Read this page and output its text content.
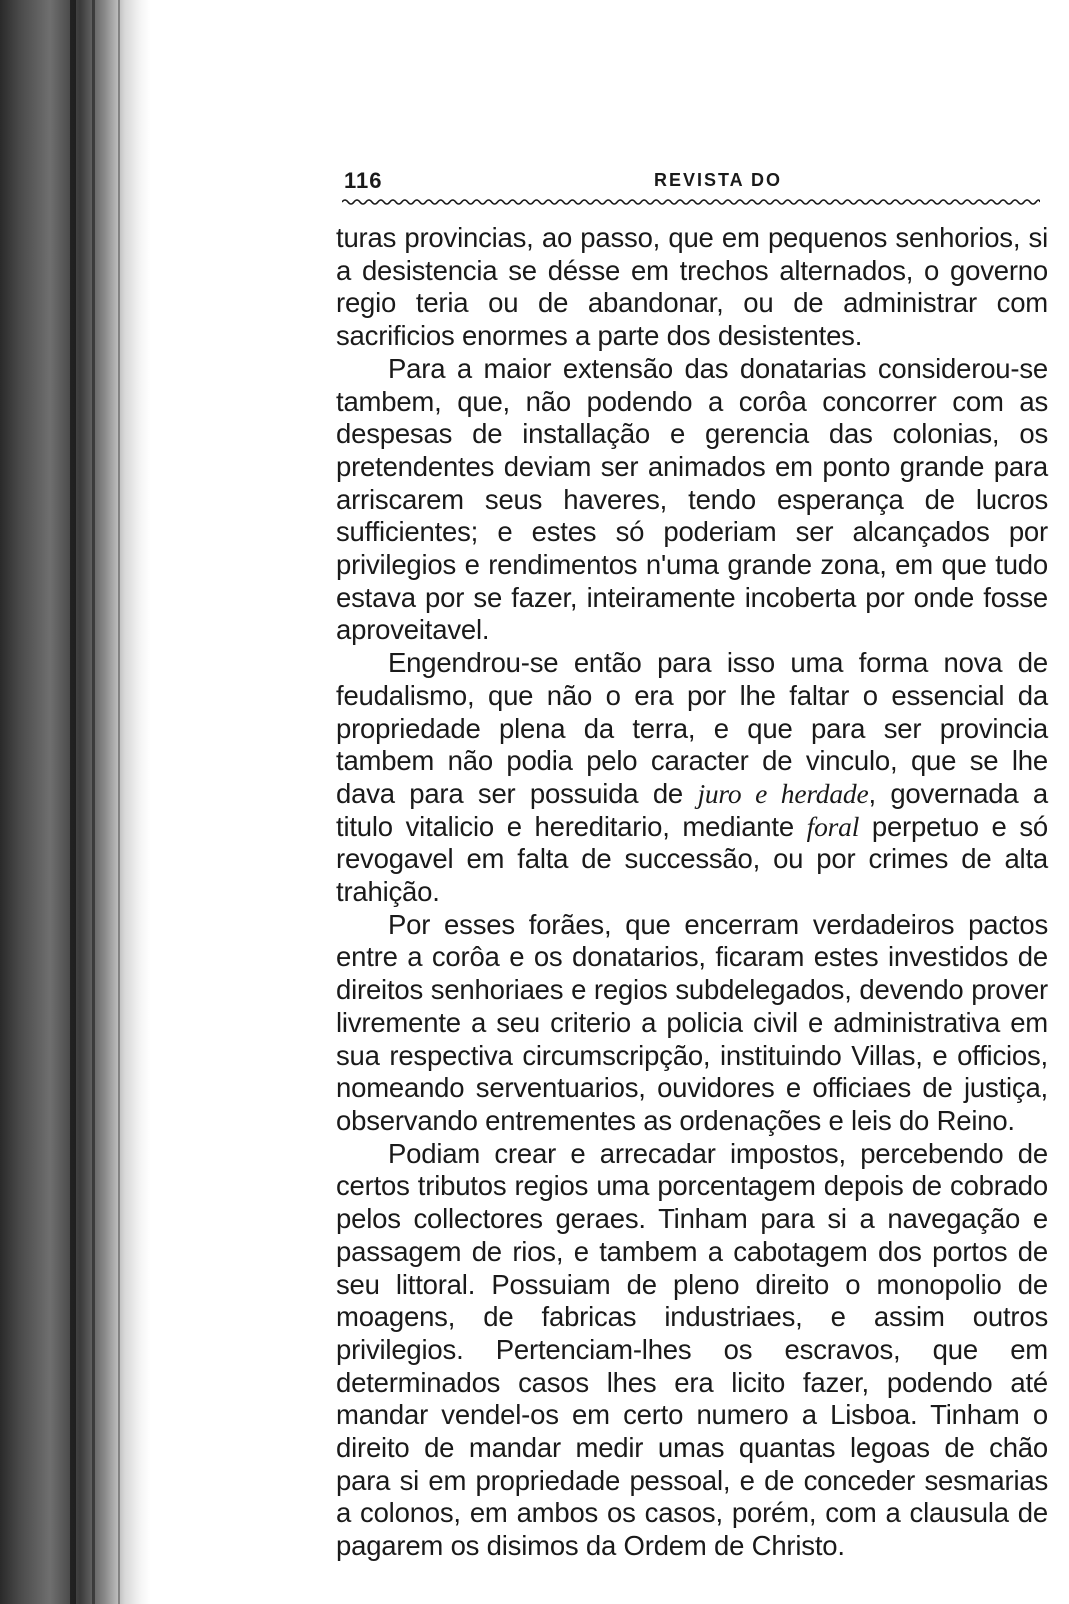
116	REVISTA DO

turas provincias, ao passo, que em pequenos senhorios, si a desistencia se désse em trechos alternados, o governo regio teria ou de abandonar, ou de administrar com sacrificios enormes a parte dos desistentes.

Para a maior extensão das donatarias considerou-se tambem, que, não podendo a corôa concorrer com as despesas de installação e gerencia das colonias, os pretendentes deviam ser animados em ponto grande para arriscarem seus haveres, tendo esperança de lucros sufficientes; e estes só poderiam ser alcançados por privilegios e rendimentos n'uma grande zona, em que tudo estava por se fazer, inteiramente incoberta por onde fosse aproveitavel.

Engendrou-se então para isso uma forma nova de feudalismo, que não o era por lhe faltar o essencial da propriedade plena da terra, e que para ser provincia tambem não podia pelo caracter de vinculo, que se lhe dava para ser possuida de juro e herdade, governada a titulo vitalicio e hereditario, mediante foral perpetuo e só revogavel em falta de successão, ou por crimes de alta trahição.

Por esses forães, que encerram verdadeiros pactos entre a corôa e os donatarios, ficaram estes investidos de direitos senhoriaes e regios subdelegados, devendo prover livremente a seu criterio a policia civil e administrativa em sua respectiva circumscripção, instituindo Villas, e officios, nomeando serventuarios, ouvidores e officiaes de justiça, observando entrementes as ordenações e leis do Reino.

Podiam crear e arrecadar impostos, percebendo de certos tributos regios uma porcentagem depois de cobrado pelos collectores geraes. Tinham para si a navegação e passagem de rios, e tambem a cabotagem dos portos de seu littoral. Possuiam de pleno direito o monopolio de moagens, de fabricas industriaes, e assim outros privilegios. Pertenciam-lhes os escravos, que em determinados casos lhes era licito fazer, podendo até mandar vendel-os em certo numero a Lisboa. Tinham o direito de mandar medir umas quantas legoas de chão para si em propriedade pessoal, e de conceder sesmarias a colonos, em ambos os casos, porém, com a clausula de pagarem os disimos da Ordem de Christo.
